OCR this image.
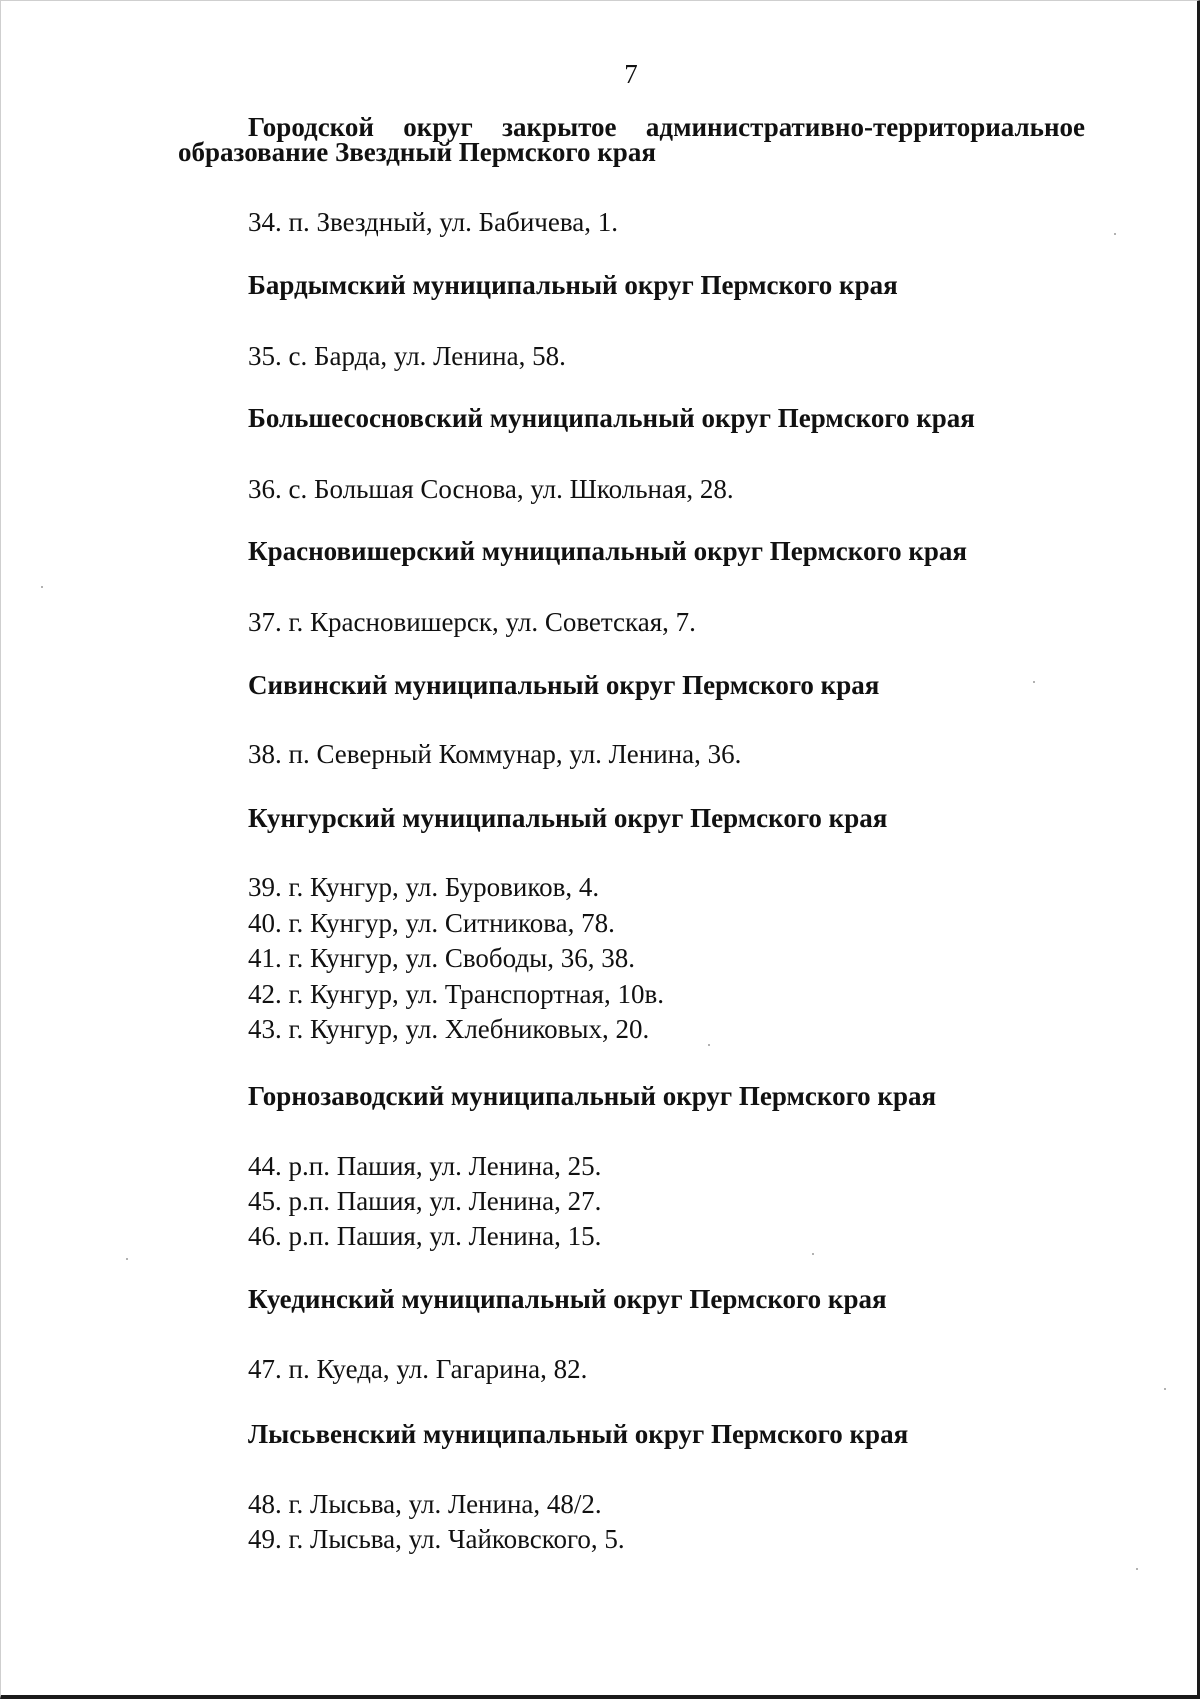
7
Городской округ закрытое административно-территориальное
образование Звездный Пермского края
34. п. Звездный, ул. Бабичева, 1.
Бардымский муниципальный округ Пермского края
35. с. Барда, ул. Ленина, 58.
Большесосновский муниципальный округ Пермского края
36. с. Большая Соснова, ул. Школьная, 28.
Красновишерский муниципальный округ Пермского края
37. г. Красновишерск, ул. Советская, 7.
Сивинский муниципальный округ Пермского края
38. п. Северный Коммунар, ул. Ленина, 36.
Кунгурский муниципальный округ Пермского края
39. г. Кунгур, ул. Буровиков, 4.
40. г. Кунгур, ул. Ситникова, 78.
41. г. Кунгур, ул. Свободы, 36, 38.
42. г. Кунгур, ул. Транспортная, 10в.
43. г. Кунгур, ул. Хлебниковых, 20.
Горнозаводский муниципальный округ Пермского края
44. р.п. Пашия, ул. Ленина, 25.
45. р.п. Пашия, ул. Ленина, 27.
46. р.п. Пашия, ул. Ленина, 15.
Куединский муниципальный округ Пермского края
47. п. Куеда, ул. Гагарина, 82.
Лысьвенский муниципальный округ Пермского края
48. г. Лысьва, ул. Ленина, 48/2.
49. г. Лысьва, ул. Чайковского, 5.
